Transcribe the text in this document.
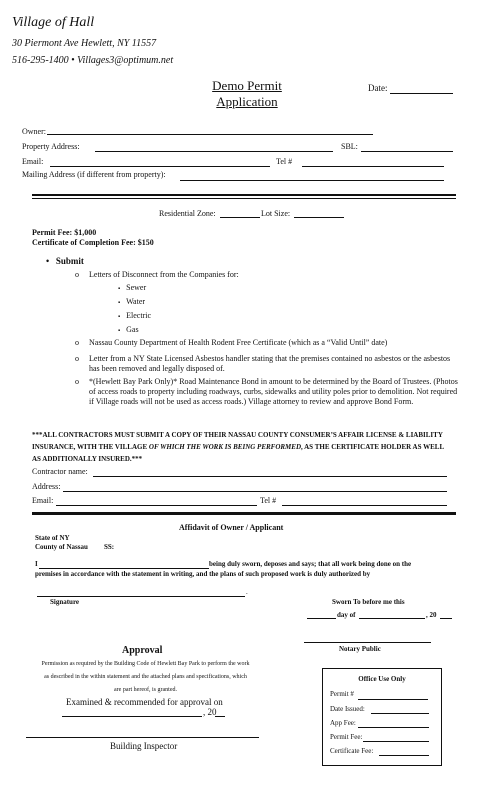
Village of Hall
30 Piermont Ave Hewlett, NY 11557
516-295-1400 • Villages3@optimum.net
Demo Permit
Application
Date:
Owner:
Property Address:	SBL:
Email:	Tel #
Mailing Address (if different from property):
Residential Zone:	Lot Size:
Permit Fee: $1,000
Certificate of Completion Fee: $150
• Submit
o Letters of Disconnect from the Companies for:
▪ Sewer
▪ Water
▪ Electric
▪ Gas
o Nassau County Department of Health Rodent Free Certificate (which as a “Valid Until” date)
o Letter from a NY State Licensed Asbestos handler stating that the premises contained no asbestos or the asbestos has been removed and legally disposed of.
o *(Hewlett Bay Park Only)* Road Maintenance Bond in amount to be determined by the Board of Trustees. (Photos of access roads to property including roadways, curbs, sidewalks and utility poles prior to demolition. Not required if Village roads will not be used as access roads.) Village attorney to review and approve Bond Form.
***ALL CONTRACTORS MUST SUBMIT A COPY OF THEIR NASSAU COUNTY CONSUMER’S AFFAIR LICENSE & LIABILITY INSURANCE, WITH THE VILLAGE OF WHICH THE WORK IS BEING PERFORMED, AS THE CERTIFICATE HOLDER AS WELL AS ADDITIONALLY INSURED.***
Contractor name:
Address:
Email:	Tel #
Affidavit of Owner / Applicant
State of NY
County of Nassau SS:
I	being duly sworn, deposes and says; that all work being done on the
premises in accordance with the statement in writing, and the plans of such proposed work is duly authorized by
.
Signature	Sworn To before me this
day of	, 20
Notary Public
Approval
Permission as required by the Building Code of Hewlett Bay Park to perform the work
as described in the within statement and the attached plans and specifications, which
are part hereof, is granted.
Examined & recommended for approval on
, 20
Building Inspector
Office Use Only
Permit #
Date Issued:
App Fee:
Permit Fee:
Certificate Fee:
